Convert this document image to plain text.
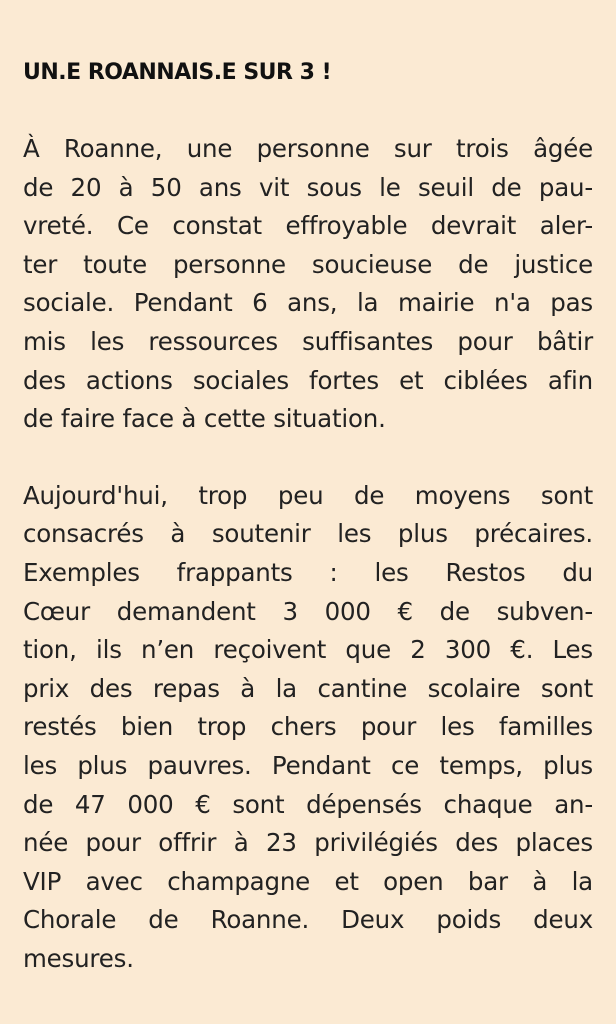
UN.E ROANNAIS.E SUR 3 !

À Roanne, une personne sur trois âgée
de 20 à 50 ans vit sous le seuil de pau-
vreté. Ce constat effroyable devrait aler-
ter toute personne soucieuse de justice
sociale. Pendant 6 ans, la mairie n'a pas
mis les ressources suffisantes pour bâtir
des actions sociales fortes et ciblées afin
de faire face à cette situation.

Aujourd'hui, trop peu de moyens sont
consacrés à soutenir les plus précaires.
Exemples frappants : les Restos du
Cœur demandent 3 000 € de subven-
tion, ils n’en reçoivent que 2 300 €. Les
prix des repas à la cantine scolaire sont
restés bien trop chers pour les familles
les plus pauvres. Pendant ce temps, plus
de 47 000 € sont dépensés chaque an-
née pour offrir à 23 privilégiés des places
VIP avec champagne et open bar à la
Chorale de Roanne. Deux poids deux
mesures.
